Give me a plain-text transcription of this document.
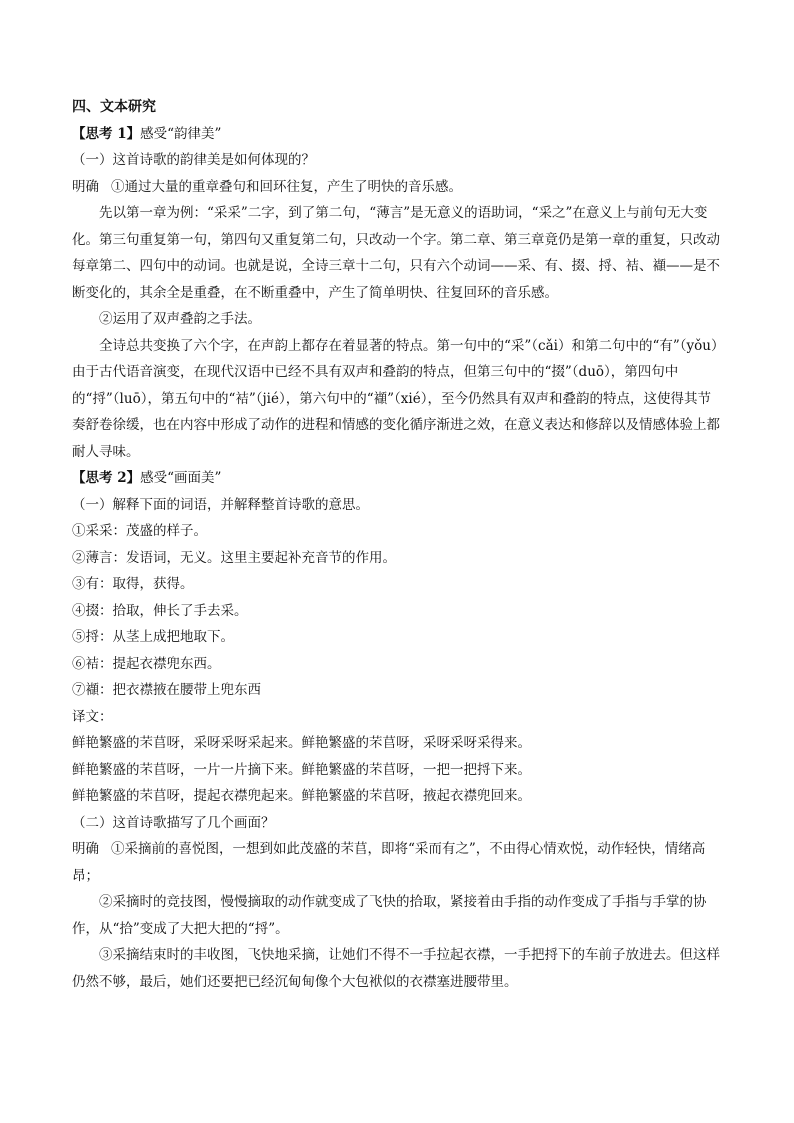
四、文本研究

【思考 1】感受“韵律美”

（一）这首诗歌的韵律美是如何体现的？

明确 ①通过大量的重章叠句和回环往复，产生了明快的音乐感。

先以第一章为例：“采采”二字，到了第二句，“薄言”是无意义的语助词，“采之”在意义上与前句无大变化。第三句重复第一句，第四句又重复第二句，只改动一个字。第二章、第三章竟仍是第一章的重复，只改动每章第二、四句中的动词。也就是说，全诗三章十二句，只有六个动词——采、有、掇、捋、袺、襭——是不断变化的，其余全是重叠，在不断重叠中，产生了简单明快、往复回环的音乐感。

②运用了双声叠韵之手法。

全诗总共变换了六个字，在声韵上都存在着显著的特点。第一句中的“采”（cǎi）和第二句中的“有”（yǒu）由于古代语音演变，在现代汉语中已经不具有双声和叠韵的特点，但第三句中的“掇”（duō），第四句中的“捋”（luō），第五句中的“袺”（jié），第六句中的“襭”（xié），至今仍然具有双声和叠韵的特点，这使得其节奏舒卷徐缓，也在内容中形成了动作的进程和情感的变化循序渐进之效，在意义表达和修辞以及情感体验上都耐人寻味。

【思考 2】感受“画面美”

（一）解释下面的词语，并解释整首诗歌的意思。

①采采：茂盛的样子。

②薄言：发语词，无义。这里主要起补充音节的作用。

③有：取得，获得。

④掇：拾取，伸长了手去采。

⑤捋：从茎上成把地取下。

⑥袺：提起衣襟兜东西。

⑦襭：把衣襟掖在腰带上兜东西

译文：

鲜艳繁盛的芣苢呀，采呀采呀采起来。鲜艳繁盛的芣苢呀，采呀采呀采得来。

鲜艳繁盛的芣苢呀，一片一片摘下来。鲜艳繁盛的芣苢呀，一把一把捋下来。

鲜艳繁盛的芣苢呀，提起衣襟兜起来。鲜艳繁盛的芣苢呀，掖起衣襟兜回来。

（二）这首诗歌描写了几个画面？

明确 ①采摘前的喜悦图，一想到如此茂盛的芣苢，即将“采而有之”，不由得心情欢悦，动作轻快，情绪高昂；

②采摘时的竞技图，慢慢摘取的动作就变成了飞快的拾取，紧接着由手指的动作变成了手指与手掌的协作，从“拾”变成了大把大把的“捋”。

③采摘结束时的丰收图，飞快地采摘，让她们不得不一手拉起衣襟，一手把捋下的车前子放进去。但这样仍然不够，最后，她们还要把已经沉甸甸像个大包袱似的衣襟塞进腰带里。
